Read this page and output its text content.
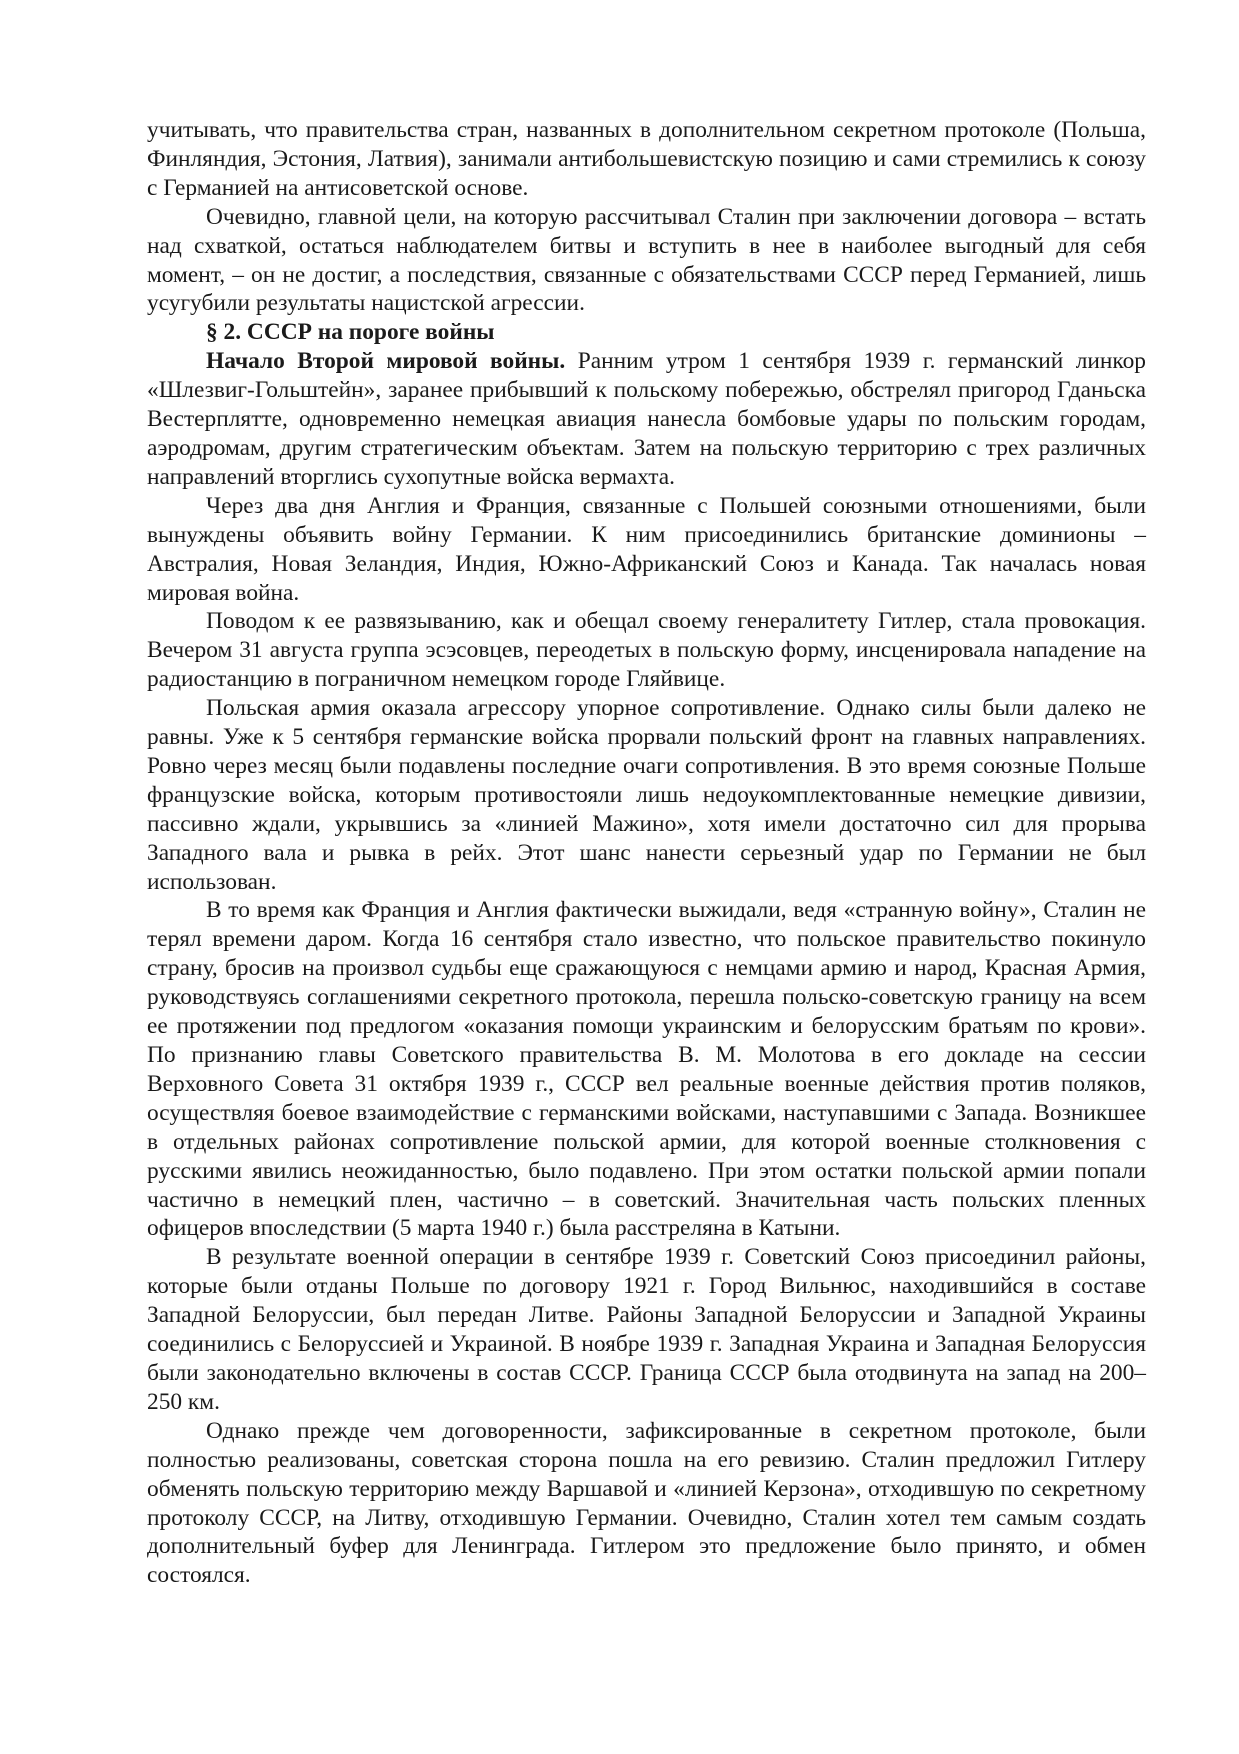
учитывать, что правительства стран, названных в дополнительном секретном протоколе (Польша, Финляндия, Эстония, Латвия), занимали антибольшевистскую позицию и сами стремились к союзу с Германией на антисоветской основе.

Очевидно, главной цели, на которую рассчитывал Сталин при заключении договора – встать над схваткой, остаться наблюдателем битвы и вступить в нее в наиболее выгодный для себя момент, – он не достиг, а последствия, связанные с обязательствами СССР перед Германией, лишь усугубили результаты нацистской агрессии.

§ 2. СССР на пороге войны

Начало Второй мировой войны. Ранним утром 1 сентября 1939 г. германский линкор «Шлезвиг-Гольштейн», заранее прибывший к польскому побережью, обстрелял пригород Гданьска Вестерплятте, одновременно немецкая авиация нанесла бомбовые удары по польским городам, аэродромам, другим стратегическим объектам. Затем на польскую территорию с трех различных направлений вторглись сухопутные войска вермахта.

Через два дня Англия и Франция, связанные с Польшей союзными отношениями, были вынуждены объявить войну Германии. К ним присоединились британские доминионы – Австралия, Новая Зеландия, Индия, Южно-Африканский Союз и Канада. Так началась новая мировая война.

Поводом к ее развязыванию, как и обещал своему генералитету Гитлер, стала провокация. Вечером 31 августа группа эсэсовцев, переодетых в польскую форму, инсценировала нападение на радиостанцию в пограничном немецком городе Гляйвице.

Польская армия оказала агрессору упорное сопротивление. Однако силы были далеко не равны. Уже к 5 сентября германские войска прорвали польский фронт на главных направлениях. Ровно через месяц были подавлены последние очаги сопротивления. В это время союзные Польше французские войска, которым противостояли лишь недоукомплектованные немецкие дивизии, пассивно ждали, укрывшись за «линией Мажино», хотя имели достаточно сил для прорыва Западного вала и рывка в рейх. Этот шанс нанести серьезный удар по Германии не был использован.

В то время как Франция и Англия фактически выжидали, ведя «странную войну», Сталин не терял времени даром. Когда 16 сентября стало известно, что польское правительство покинуло страну, бросив на произвол судьбы еще сражающуюся с немцами армию и народ, Красная Армия, руководствуясь соглашениями секретного протокола, перешла польско-советскую границу на всем ее протяжении под предлогом «оказания помощи украинским и белорусским братьям по крови». По признанию главы Советского правительства В. М. Молотова в его докладе на сессии Верховного Совета 31 октября 1939 г., СССР вел реальные военные действия против поляков, осуществляя боевое взаимодействие с германскими войсками, наступавшими с Запада. Возникшее в отдельных районах сопротивление польской армии, для которой военные столкновения с русскими явились неожиданностью, было подавлено. При этом остатки польской армии попали частично в немецкий плен, частично – в советский. Значительная часть польских пленных офицеров впоследствии (5 марта 1940 г.) была расстреляна в Катыни.

В результате военной операции в сентябре 1939 г. Советский Союз присоединил районы, которые были отданы Польше по договору 1921 г. Город Вильнюс, находившийся в составе Западной Белоруссии, был передан Литве. Районы Западной Белоруссии и Западной Украины соединились с Белоруссией и Украиной. В ноябре 1939 г. Западная Украина и Западная Белоруссия были законодательно включены в состав СССР. Граница СССР была отодвинута на запад на 200–250 км.

Однако прежде чем договоренности, зафиксированные в секретном протоколе, были полностью реализованы, советская сторона пошла на его ревизию. Сталин предложил Гитлеру обменять польскую территорию между Варшавой и «линией Керзона», отходившую по секретному протоколу СССР, на Литву, отходившую Германии. Очевидно, Сталин хотел тем самым создать дополнительный буфер для Ленинграда. Гитлером это предложение было принято, и обмен состоялся.
